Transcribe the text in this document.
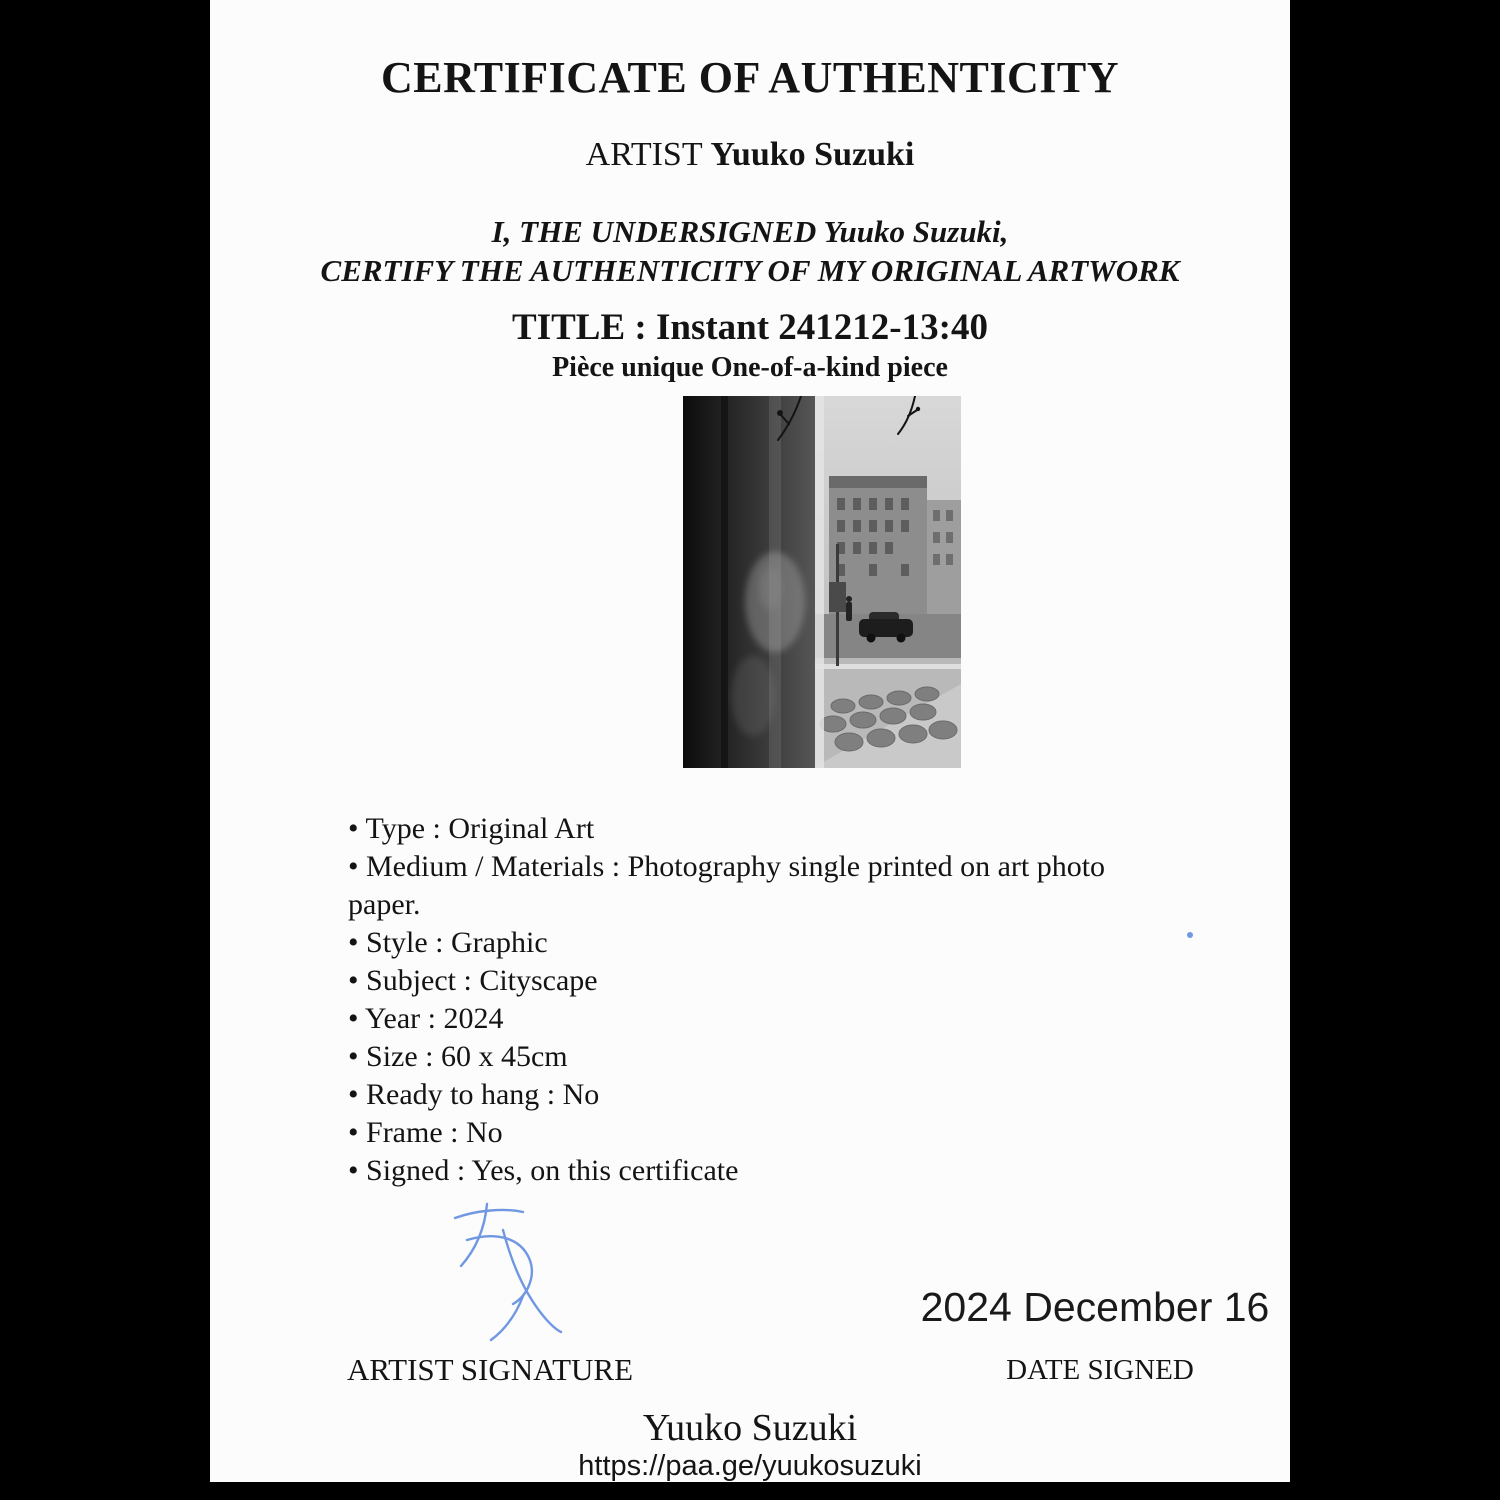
CERTIFICATE OF AUTHENTICITY
ARTIST Yuuko Suzuki
I, THE UNDERSIGNED Yuuko Suzuki,
CERTIFY THE AUTHENTICITY OF MY ORIGINAL ARTWORK
TITLE : Instant 241212-13:40
Pièce unique One-of-a-kind piece
• Type : Original Art
• Medium / Materials : Photography single printed on art photo paper.
• Style : Graphic
• Subject : Cityscape
• Year : 2024
• Size : 60 x 45cm
• Ready to hang : No
• Frame : No
• Signed : Yes, on this certificate
2024 December 16
ARTIST SIGNATURE	DATE SIGNED
Yuuko Suzuki
https://paa.ge/yuukosuzuki
